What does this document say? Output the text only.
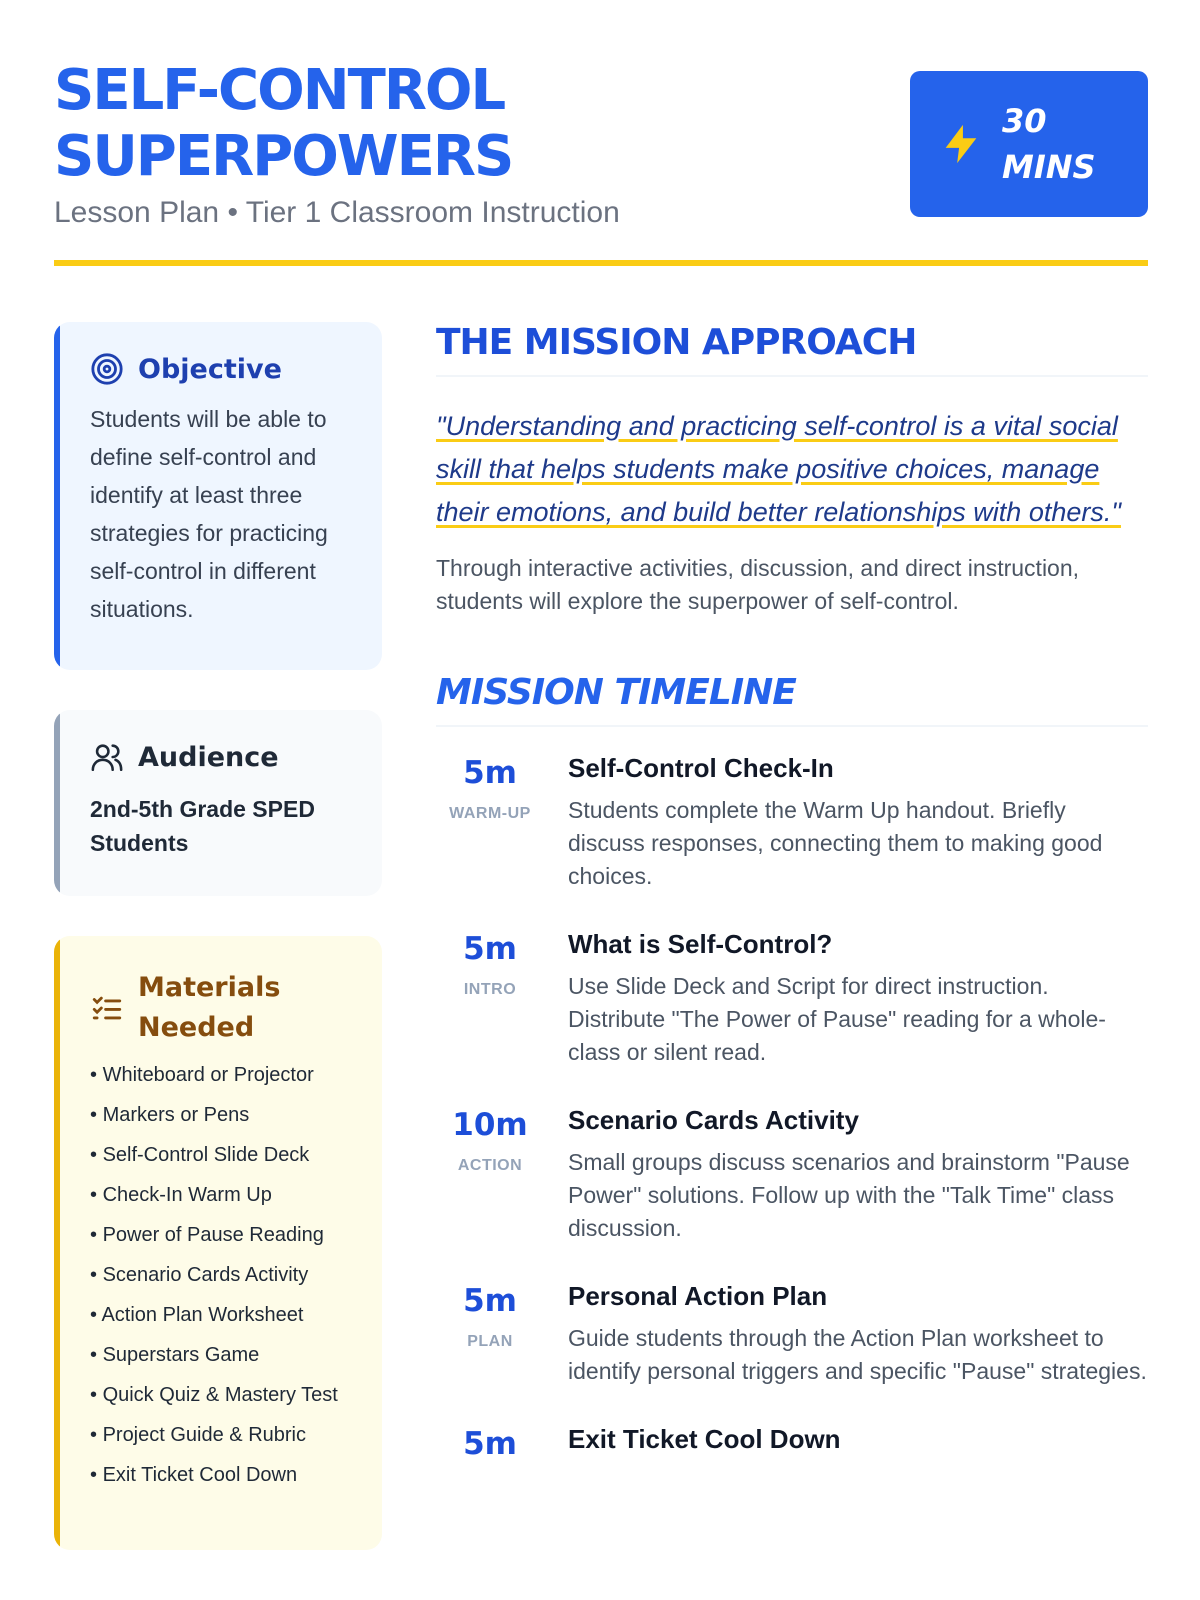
SELF-CONTROL
SUPERPOWERS
Lesson Plan • Tier 1 Classroom Instruction
30
MINS
Objective
Students will be able to define self-control and identify at least three strategies for practicing self-control in different situations.
Audience
2nd-5th Grade SPED Students
Materials Needed
• Whiteboard or Projector
• Markers or Pens
• Self-Control Slide Deck
• Check-In Warm Up
• Power of Pause Reading
• Scenario Cards Activity
• Action Plan Worksheet
• Superstars Game
• Quick Quiz & Mastery Test
• Project Guide & Rubric
• Exit Ticket Cool Down
THE MISSION APPROACH
"Understanding and practicing self-control is a vital social skill that helps students make positive choices, manage their emotions, and build better relationships with others."
Through interactive activities, discussion, and direct instruction, students will explore the superpower of self-control.
MISSION TIMELINE
5m
WARM-UP
Self-Control Check-In
Students complete the Warm Up handout. Briefly discuss responses, connecting them to making good choices.
5m
INTRO
What is Self-Control?
Use Slide Deck and Script for direct instruction. Distribute "The Power of Pause" reading for a whole-class or silent read.
10m
ACTION
Scenario Cards Activity
Small groups discuss scenarios and brainstorm "Pause Power" solutions. Follow up with the "Talk Time" class discussion.
5m
PLAN
Personal Action Plan
Guide students through the Action Plan worksheet to identify personal triggers and specific "Pause" strategies.
5m	Exit Ticket Cool Down
